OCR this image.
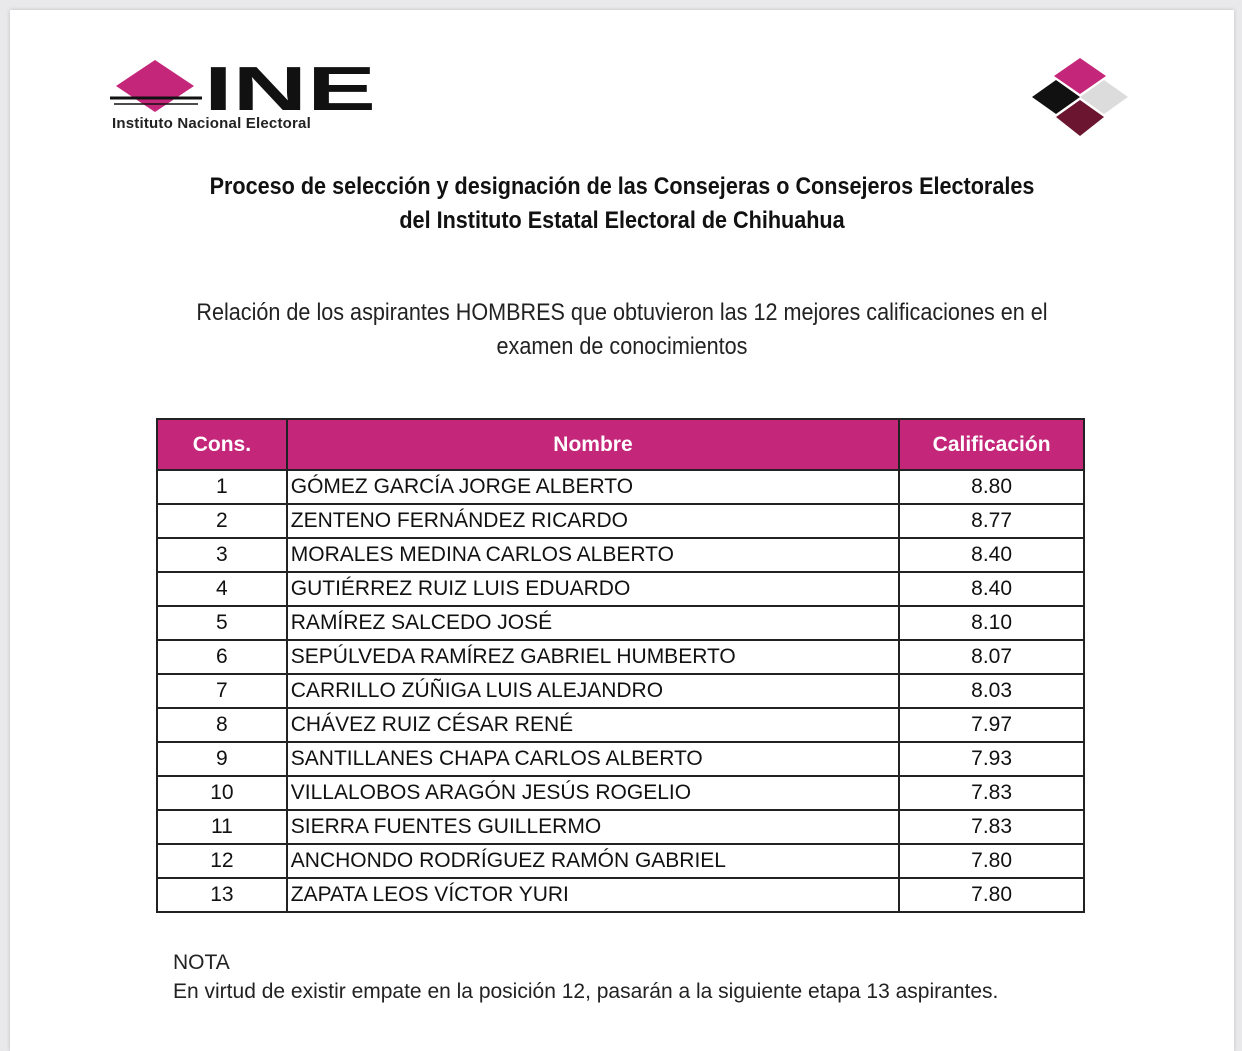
INE
Instituto Nacional Electoral
Proceso de selección y designación de las Consejeras o Consejeros Electorales
del Instituto Estatal Electoral de Chihuahua
Relación de los aspirantes HOMBRES que obtuvieron las 12 mejores calificaciones en el
examen de conocimientos
Cons.	Nombre	Calificación
1	GÓMEZ GARCÍA JORGE ALBERTO	8.80
2	ZENTENO FERNÁNDEZ RICARDO	8.77
3	MORALES MEDINA CARLOS ALBERTO	8.40
4	GUTIÉRREZ RUIZ LUIS EDUARDO	8.40
5	RAMÍREZ SALCEDO JOSÉ	8.10
6	SEPÚLVEDA RAMÍREZ GABRIEL HUMBERTO	8.07
7	CARRILLO ZÚÑIGA LUIS ALEJANDRO	8.03
8	CHÁVEZ RUIZ CÉSAR RENÉ	7.97
9	SANTILLANES CHAPA CARLOS ALBERTO	7.93
10	VILLALOBOS ARAGÓN JESÚS ROGELIO	7.83
11	SIERRA FUENTES GUILLERMO	7.83
12	ANCHONDO RODRÍGUEZ RAMÓN GABRIEL	7.80
13	ZAPATA LEOS VÍCTOR YURI	7.80
NOTA
En virtud de existir empate en la posición 12, pasarán a la siguiente etapa 13 aspirantes.
